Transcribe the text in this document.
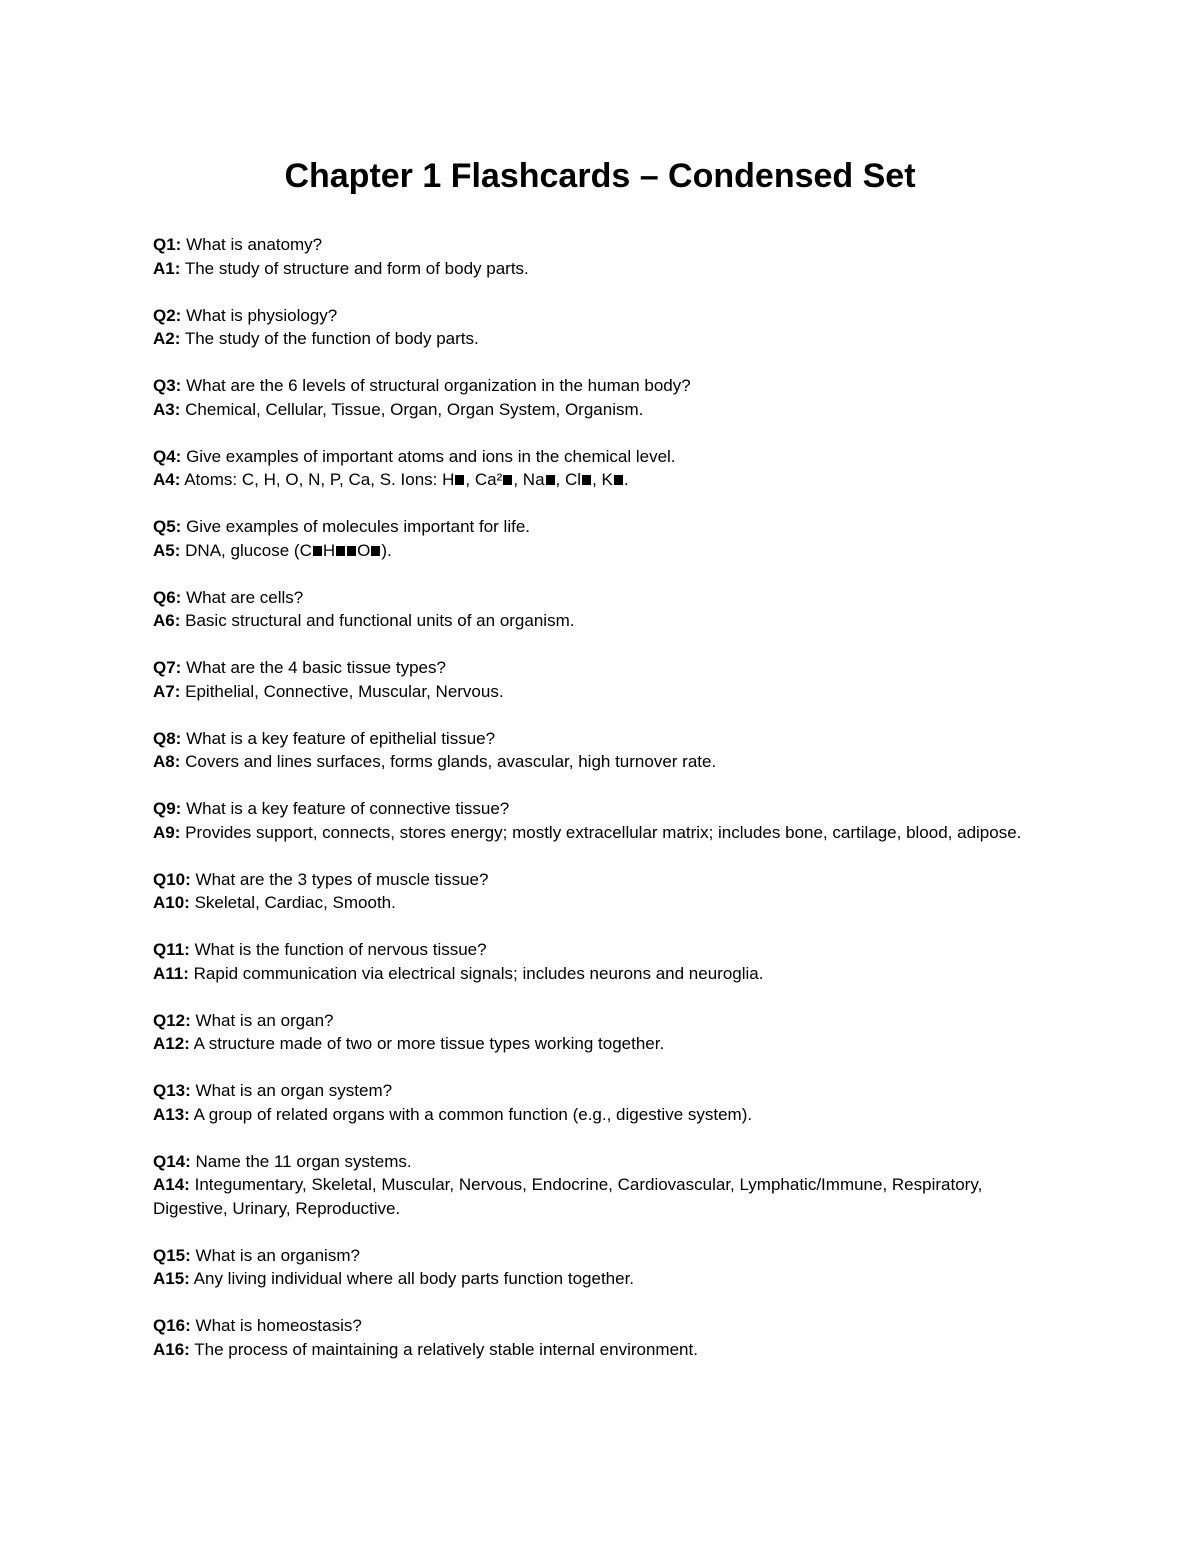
Chapter 1 Flashcards – Condensed Set
Q1: What is anatomy?
A1: The study of structure and form of body parts.
Q2: What is physiology?
A2: The study of the function of body parts.
Q3: What are the 6 levels of structural organization in the human body?
A3: Chemical, Cellular, Tissue, Organ, Organ System, Organism.
Q4: Give examples of important atoms and ions in the chemical level.
A4: Atoms: C, H, O, N, P, Ca, S. Ions: H , Ca² , Na , Cl , K .
Q5: Give examples of molecules important for life.
A5: DNA, glucose (C H O ).
Q6: What are cells?
A6: Basic structural and functional units of an organism.
Q7: What are the 4 basic tissue types?
A7: Epithelial, Connective, Muscular, Nervous.
Q8: What is a key feature of epithelial tissue?
A8: Covers and lines surfaces, forms glands, avascular, high turnover rate.
Q9: What is a key feature of connective tissue?
A9: Provides support, connects, stores energy; mostly extracellular matrix; includes bone, cartilage, blood, adipose.
Q10: What are the 3 types of muscle tissue?
A10: Skeletal, Cardiac, Smooth.
Q11: What is the function of nervous tissue?
A11: Rapid communication via electrical signals; includes neurons and neuroglia.
Q12: What is an organ?
A12: A structure made of two or more tissue types working together.
Q13: What is an organ system?
A13: A group of related organs with a common function (e.g., digestive system).
Q14: Name the 11 organ systems.
A14: Integumentary, Skeletal, Muscular, Nervous, Endocrine, Cardiovascular, Lymphatic/Immune, Respiratory, Digestive, Urinary, Reproductive.
Q15: What is an organism?
A15: Any living individual where all body parts function together.
Q16: What is homeostasis?
A16: The process of maintaining a relatively stable internal environment.
